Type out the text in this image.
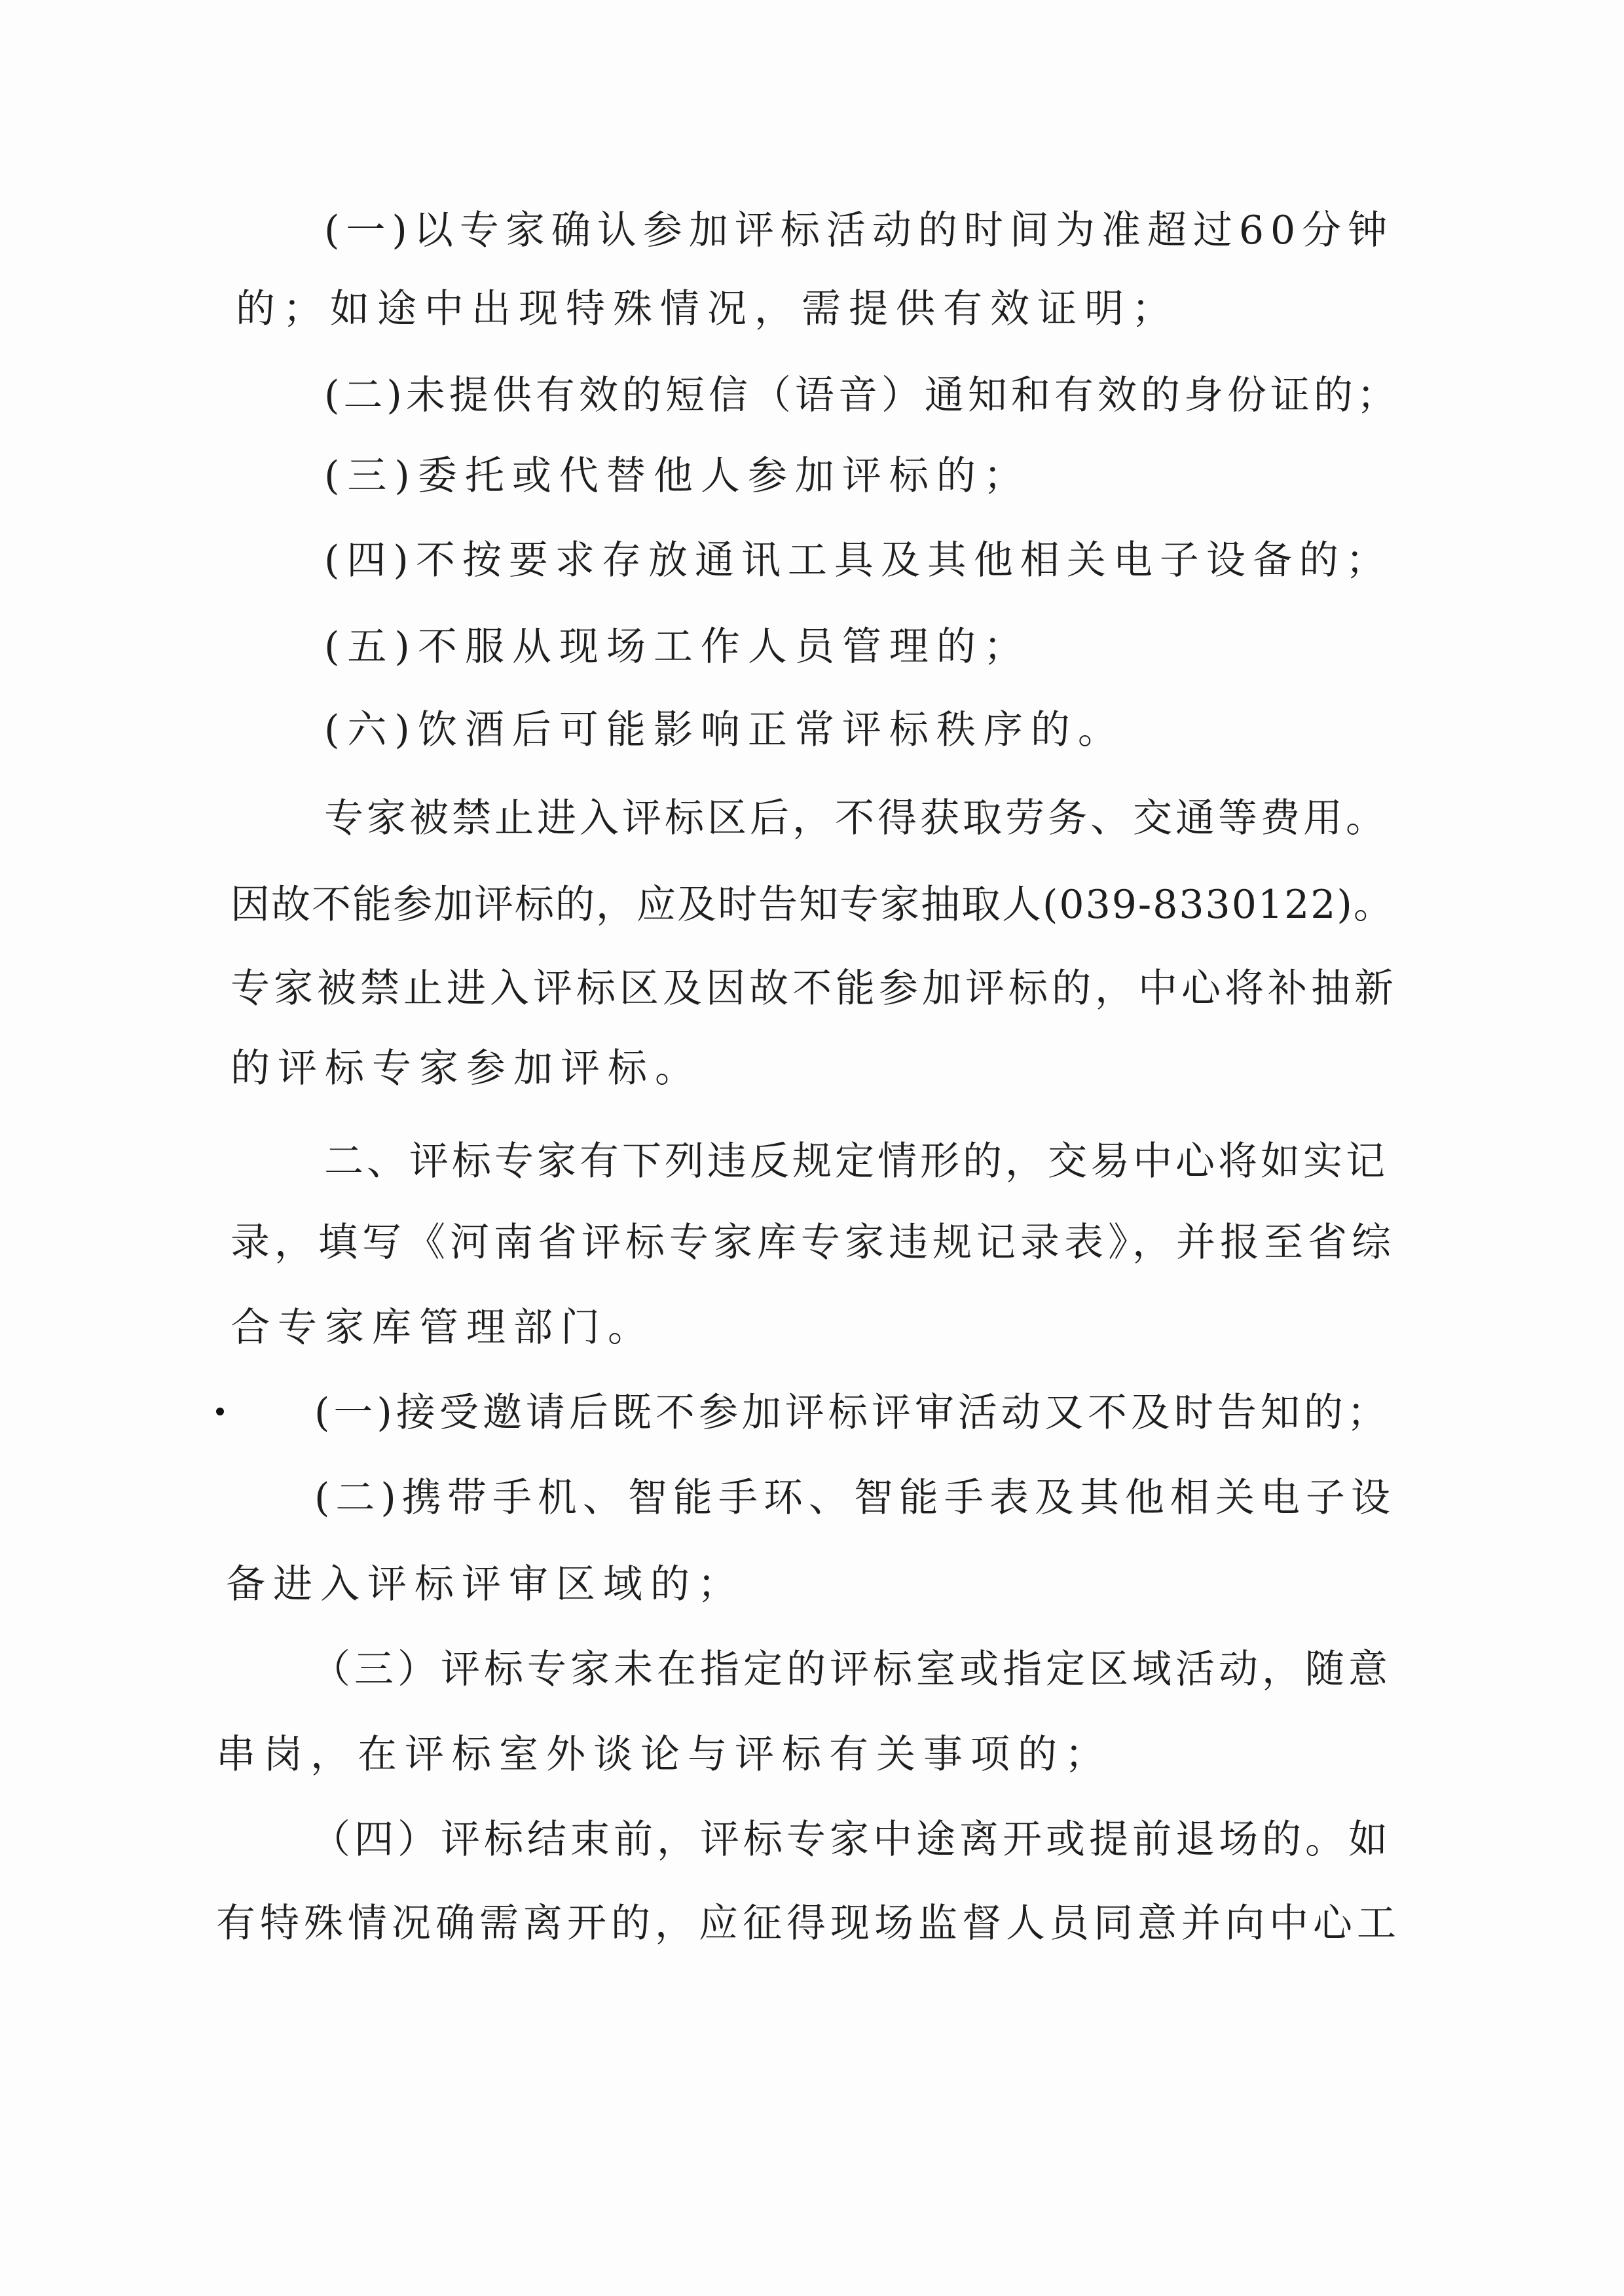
(一)以专家确认参加评标活动的时间为准超过60分钟
的；如途中出现特殊情况，需提供有效证明；
(二)未提供有效的短信（语音）通知和有效的身份证的；
(三)委托或代替他人参加评标的；
(四)不按要求存放通讯工具及其他相关电子设备的；
(五)不服从现场工作人员管理的；
(六)饮酒后可能影响正常评标秩序的。
专家被禁止进入评标区后，不得获取劳务、交通等费用。
因故不能参加评标的，应及时告知专家抽取人(039-8330122)。
专家被禁止进入评标区及因故不能参加评标的，中心将补抽新
的评标专家参加评标。
二、评标专家有下列违反规定情形的，交易中心将如实记
录，填写《河南省评标专家库专家违规记录表》，并报至省综
合专家库管理部门。
(一)接受邀请后既不参加评标评审活动又不及时告知的；
(二)携带手机、智能手环、智能手表及其他相关电子设
备进入评标评审区域的；
（三）评标专家未在指定的评标室或指定区域活动，随意
串岗，在评标室外谈论与评标有关事项的；
（四）评标结束前，评标专家中途离开或提前退场的。如
有特殊情况确需离开的，应征得现场监督人员同意并向中心工
